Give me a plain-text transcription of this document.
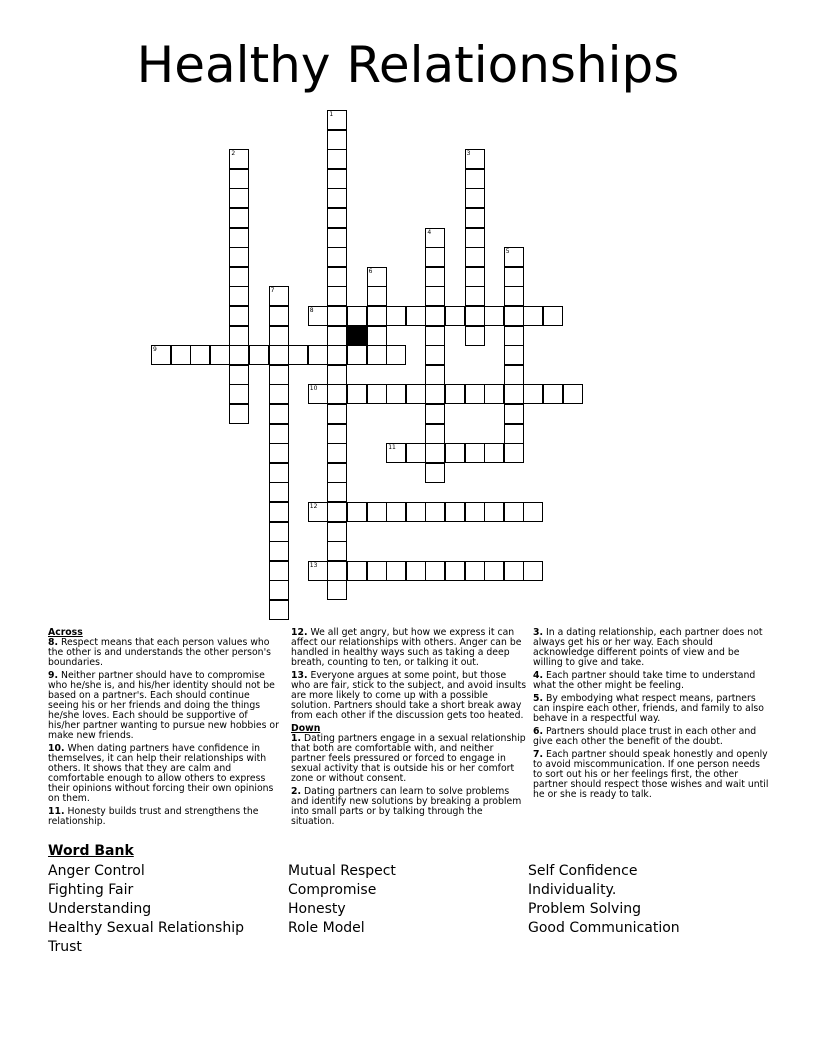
Healthy Relationships
8
9
10
11
12
13
1
2	3
4
5
6
7
Across
8. Respect means that each person values who the other is and understands the other person's boundaries.
9. Neither partner should have to compromise who he/she is, and his/her identity should not be based on a partner's. Each should continue seeing his or her friends and doing the things he/she loves. Each should be supportive of his/her partner wanting to pursue new hobbies or make new friends.
10. When dating partners have confidence in themselves, it can help their relationships with others. It shows that they are calm and comfortable enough to allow others to express their opinions without forcing their own opinions on them.
11. Honesty builds trust and strengthens the relationship.
12. We all get angry, but how we express it can affect our relationships with others. Anger can be handled in healthy ways such as taking a deep breath, counting to ten, or talking it out.
13. Everyone argues at some point, but those who are fair, stick to the subject, and avoid insults are more likely to come up with a possible solution. Partners should take a short break away from each other if the discussion gets too heated.
Down
1. Dating partners engage in a sexual relationship that both are comfortable with, and neither partner feels pressured or forced to engage in sexual activity that is outside his or her comfort zone or without consent.
2. Dating partners can learn to solve problems and identify new solutions by breaking a problem into small parts or by talking through the situation.
3. In a dating relationship, each partner does not always get his or her way. Each should acknowledge different points of view and be willing to give and take.
4. Each partner should take time to understand what the other might be feeling.
5. By embodying what respect means, partners can inspire each other, friends, and family to also behave in a respectful way.
6. Partners should place trust in each other and give each other the benefit of the doubt.
7. Each partner should speak honestly and openly to avoid miscommunication. If one person needs to sort out his or her feelings first, the other partner should respect those wishes and wait until he or she is ready to talk.
Word Bank
Anger Control
Fighting Fair
Understanding
Healthy Sexual Relationship
Trust
Mutual Respect
Compromise
Honesty
Role Model
Self Confidence
Individuality.
Problem Solving
Good Communication
